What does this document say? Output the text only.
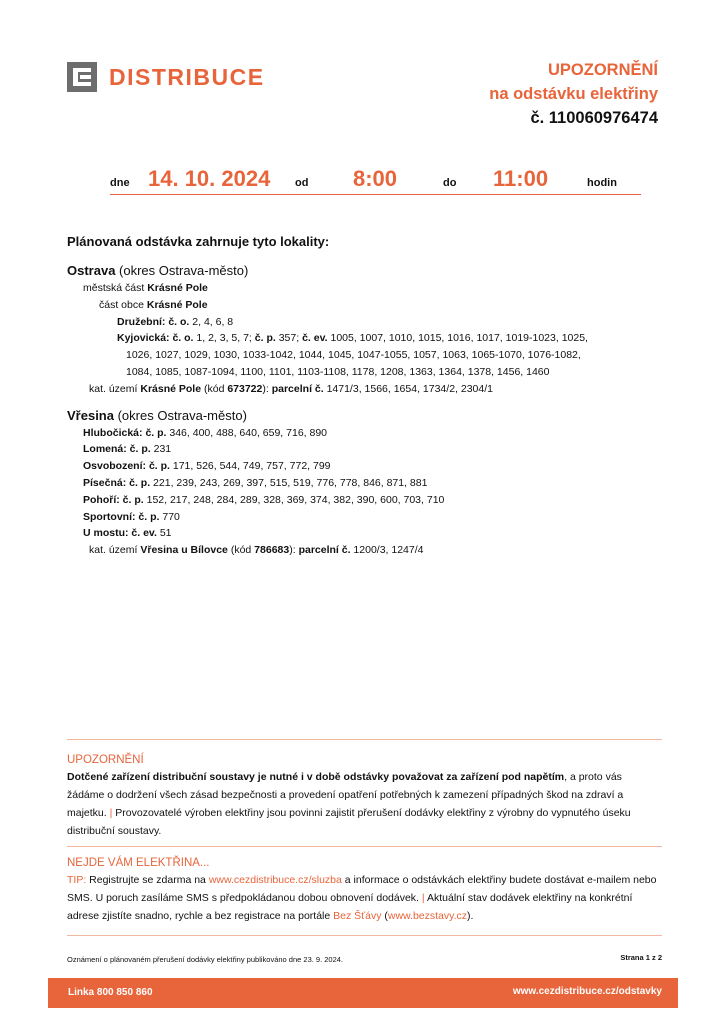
DISTRIBUCE	UPOZORNĚNÍ
na odstávku elektřiny
č. 110060976474
dne 14. 10. 2024 od 8:00	do 11:00	hodin
Plánovaná odstávka zahrnuje tyto lokality:
Ostrava (okres Ostrava-město)
městská část Krásné Pole
část obce Krásné Pole
Družební: č. o. 2, 4, 6, 8
Kyjovická: č. o. 1, 2, 3, 5, 7; č. p. 357; č. ev. 1005, 1007, 1010, 1015, 1016, 1017, 1019-1023, 1025,
1026, 1027, 1029, 1030, 1033-1042, 1044, 1045, 1047-1055, 1057, 1063, 1065-1070, 1076-1082,
1084, 1085, 1087-1094, 1100, 1101, 1103-1108, 1178, 1208, 1363, 1364, 1378, 1456, 1460
kat. území Krásné Pole (kód 673722): parcelní č. 1471/3, 1566, 1654, 1734/2, 2304/1
Vřesina (okres Ostrava-město)
Hlubočická: č. p. 346, 400, 488, 640, 659, 716, 890
Lomená: č. p. 231
Osvobození: č. p. 171, 526, 544, 749, 757, 772, 799
Písečná: č. p. 221, 239, 243, 269, 397, 515, 519, 776, 778, 846, 871, 881
Pohoří: č. p. 152, 217, 248, 284, 289, 328, 369, 374, 382, 390, 600, 703, 710
Sportovní: č. p. 770
U mostu: č. ev. 51
kat. území Vřesina u Bílovce (kód 786683): parcelní č. 1200/3, 1247/4
UPOZORNĚNÍ

Dotčené zařízení distribuční soustavy je nutné i v době odstávky považovat za zařízení pod napětím, a proto vás žádáme o dodržení všech zásad bezpečnosti a provedení opatření potřebných k zamezení případných škod na zdraví a majetku. | Provozovatelé výroben elektřiny jsou povinni zajistit přerušení dodávky elektřiny z výrobny do vypnutého úseku distribuční soustavy.

NEJDE VÁM ELEKTŘINA...

TIP: Registrujte se zdarma na www.cezdistribuce.cz/sluzba a informace o odstávkách elektřiny budete dostávat e-mailem nebo SMS. U poruch zasíláme SMS s předpokládanou dobou obnovení dodávek. | Aktuální stav dodávek elektřiny na konkrétní adrese zjistíte snadno, rychle a bez registrace na portále Bez Šťávy (www.bezstavy.cz).

Oznámení o plánovaném přerušení dodávky elektřiny publikováno dne 23. 9. 2024.	Strana 1 z 2
Linka 800 850 860	www.cezdistribuce.cz/odstavky
